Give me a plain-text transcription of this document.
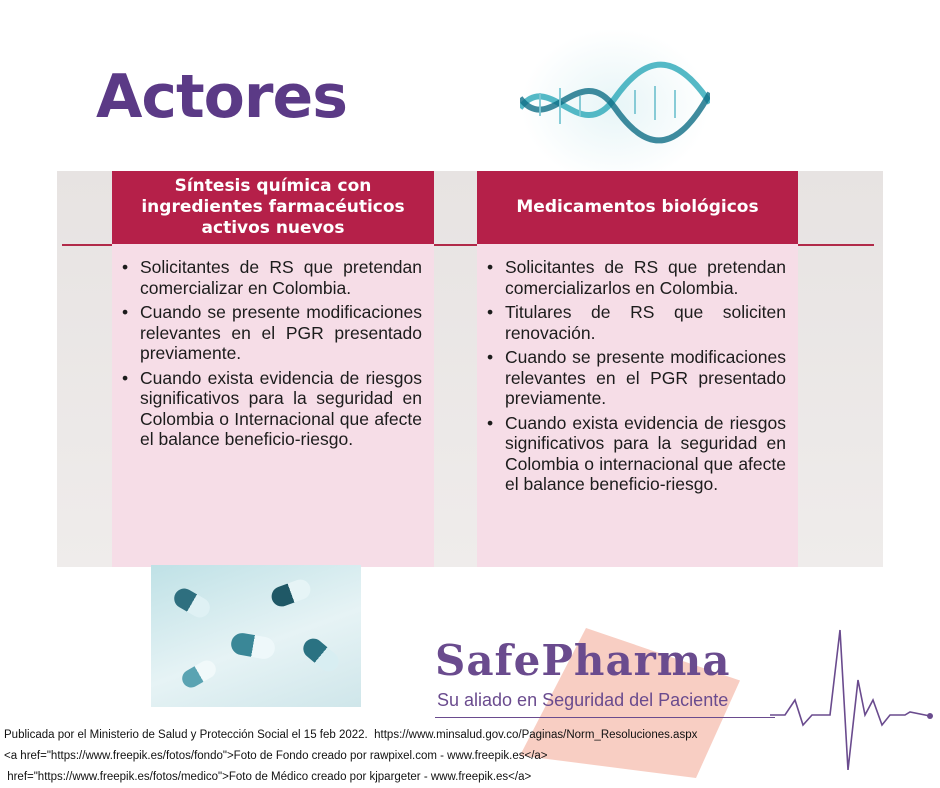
Actores
Síntesis química con ingredientes farmacéuticos activos nuevos
• Solicitantes de RS que pretendan comercializar en Colombia.
• Cuando se presente modificaciones relevantes en el PGR presentado previamente.
• Cuando exista evidencia de riesgos significativos para la seguridad en Colombia o Internacional que afecte el balance beneficio-riesgo.
Medicamentos biológicos
• Solicitantes de RS que pretendan comercializarlos en Colombia.
• Titulares de RS que soliciten renovación.
• Cuando se presente modificaciones relevantes en el PGR presentado previamente.
• Cuando exista evidencia de riesgos significativos para la seguridad en Colombia o internacional que afecte el balance beneficio-riesgo.
SafePharma
Su aliado en Seguridad del Paciente
Publicada por el Ministerio de Salud y Protección Social el 15 feb 2022.  https://www.minsalud.gov.co/Paginas/Norm_Resoluciones.aspx
<a href="https://www.freepik.es/fotos/fondo">Foto de Fondo creado por rawpixel.com - www.freepik.es</a>
href="https://www.freepik.es/fotos/medico">Foto de Médico creado por kjpargeter - www.freepik.es</a>
